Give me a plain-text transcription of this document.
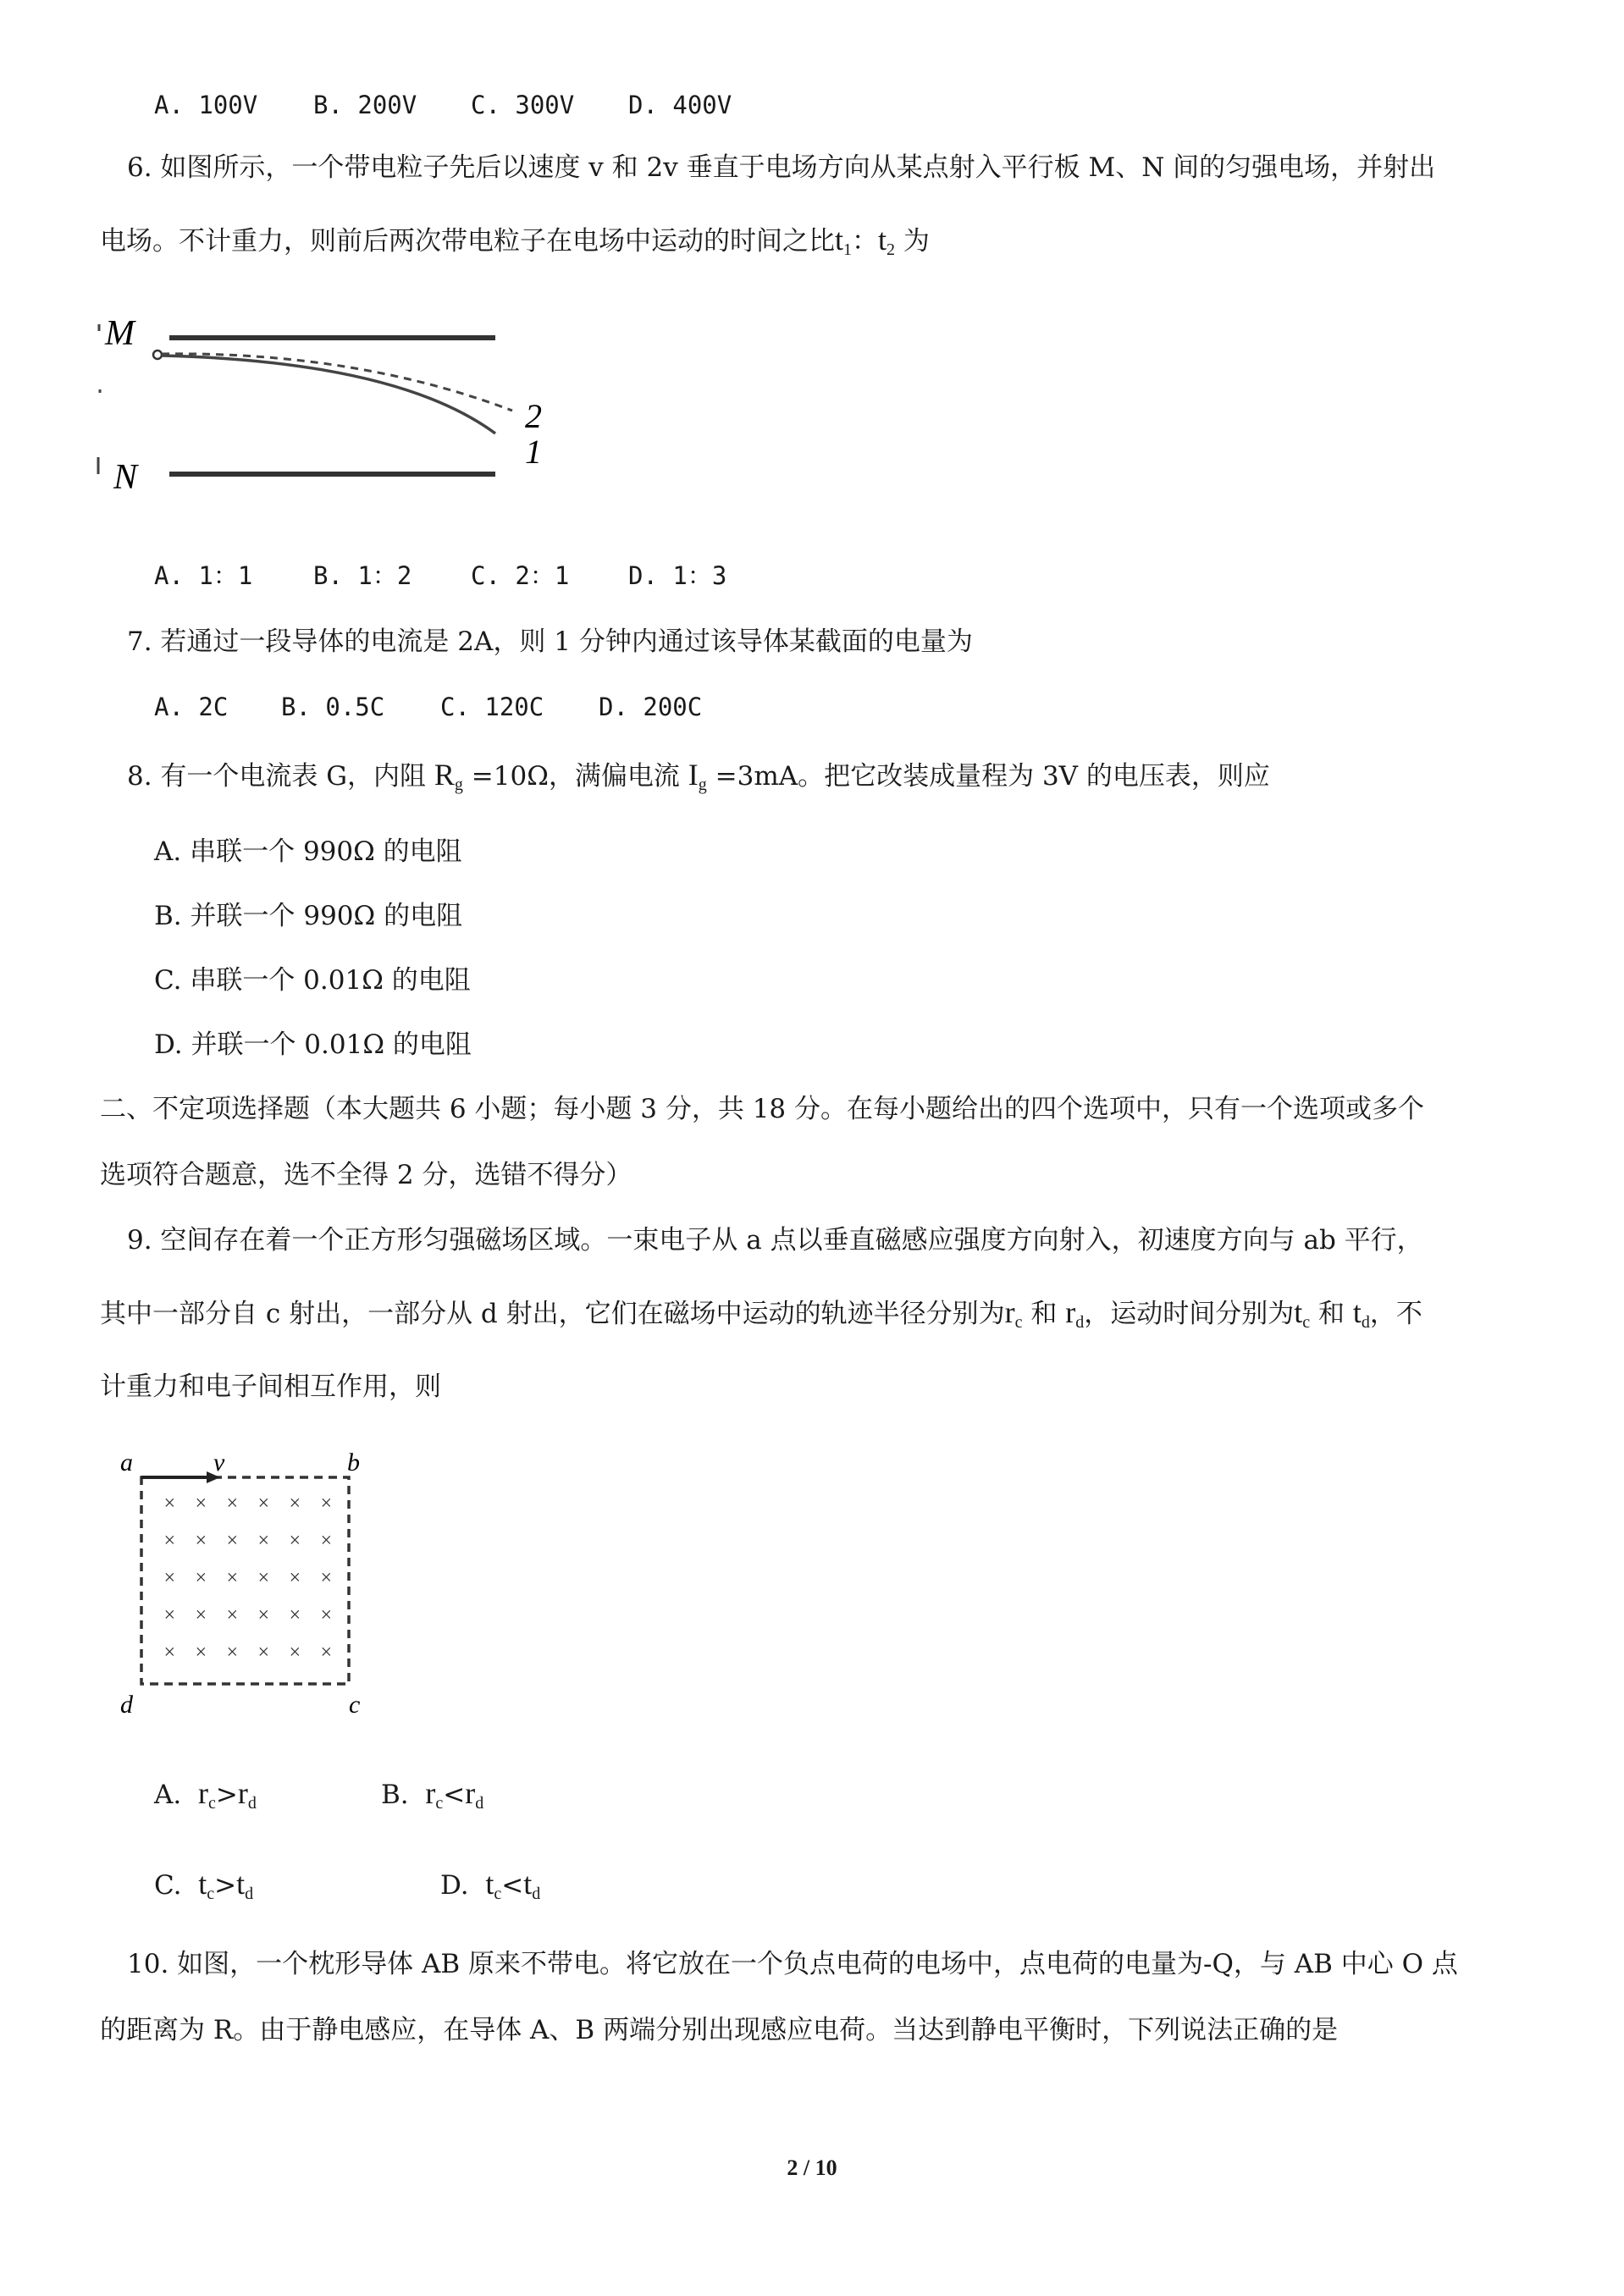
A. 100V B. 200V C. 300V D. 400V
6. 如图所示，一个带电粒子先后以速度 v 和 2v 垂直于电场方向从某点射入平行板 M、N 间的匀强电场，并射出
电场。不计重力，则前后两次带电粒子在电场中运动的时间之比$t_1$：$t_2$ 为
M
N
2
1
A. 1：1 B. 1：2 C. 2：1 D. 1：3
7. 若通过一段导体的电流是 2A，则 1 分钟内通过该导体某截面的电量为
A. 2C B. 0.5C C. 120C D. 200C
8. 有一个电流表 G，内阻 $R_g =10\Omega$，满偏电流 $I_g =3mA$。把它改装成量程为 3V 的电压表，则应
A. 串联一个 990Ω 的电阻
B. 并联一个 990Ω 的电阻
C. 串联一个 0.01Ω 的电阻
D. 并联一个 0.01Ω 的电阻
二、不定项选择题（本大题共 6 小题；每小题 3 分，共 18 分。在每小题给出的四个选项中，只有一个选项或多个
选项符合题意，选不全得 2 分，选错不得分）
9. 空间存在着一个正方形匀强磁场区域。一束电子从 a 点以垂直磁感应强度方向射入，初速度方向与 ab 平行，
其中一部分自 c 射出，一部分从 d 射出，它们在磁场中运动的轨迹半径分别为$r_c$ 和 $r_d$，运动时间分别为$t_c$ 和 $t_d$，不
计重力和电子间相互作用，则
a	v	b
d	c
× × × × × ×
× × × × × ×
× × × × × ×
× × × × × ×
× × × × × ×
A. $r_c>r_d$	B. $r_c<r_d$
C. $t_c>t_d$	D. $t_c<t_d$
10. 如图，一个枕形导体 AB 原来不带电。将它放在一个负点电荷的电场中，点电荷的电量为-Q，与 AB 中心 O 点
的距离为 R。由于静电感应，在导体 A、B 两端分别出现感应电荷。当达到静电平衡时，下列说法正确的是
2 / 10
